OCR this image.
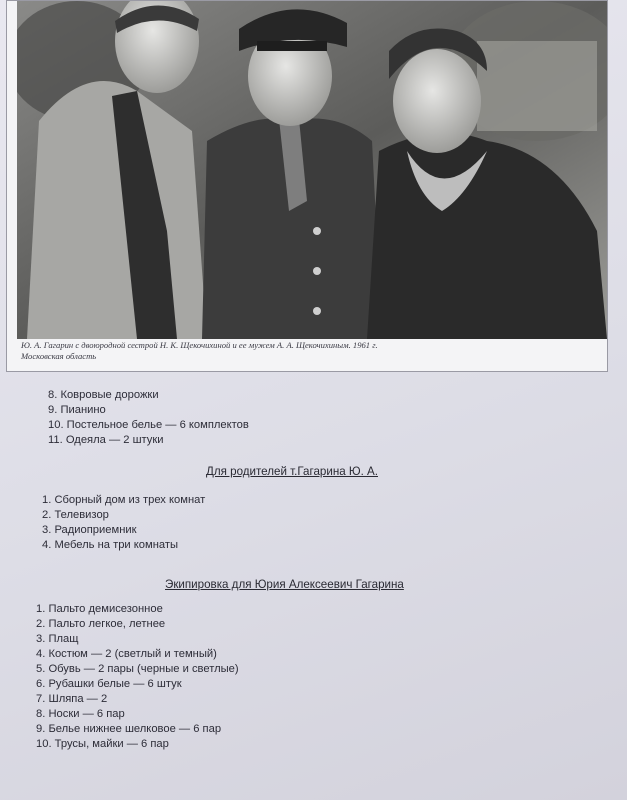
Ю. А. Гагарин с двоюродной сестрой Н. К. Щекочихиной и ее мужем А. А. Щекочихиным. 1961 г.
Московская область
8. Ковровые дорожки
9. Пианино
10. Постельное белье — 6 комплектов
11. Одеяла — 2 штуки
Для родителей т.Гагарина Ю. А.
1. Сборный дом из трех комнат
2. Телевизор
3. Радиоприемник
4. Мебель на три комнаты
Экипировка для Юрия Алексеевич Гагарина
1. Пальто демисезонное
2. Пальто легкое, летнее
3. Плащ
4. Костюм — 2 (светлый и темный)
5. Обувь — 2 пары (черные и светлые)
6. Рубашки белые — 6 штук
7. Шляпа — 2
8. Носки — 6 пар
9. Белье нижнее шелковое — 6 пар
10. Трусы, майки — 6 пар
